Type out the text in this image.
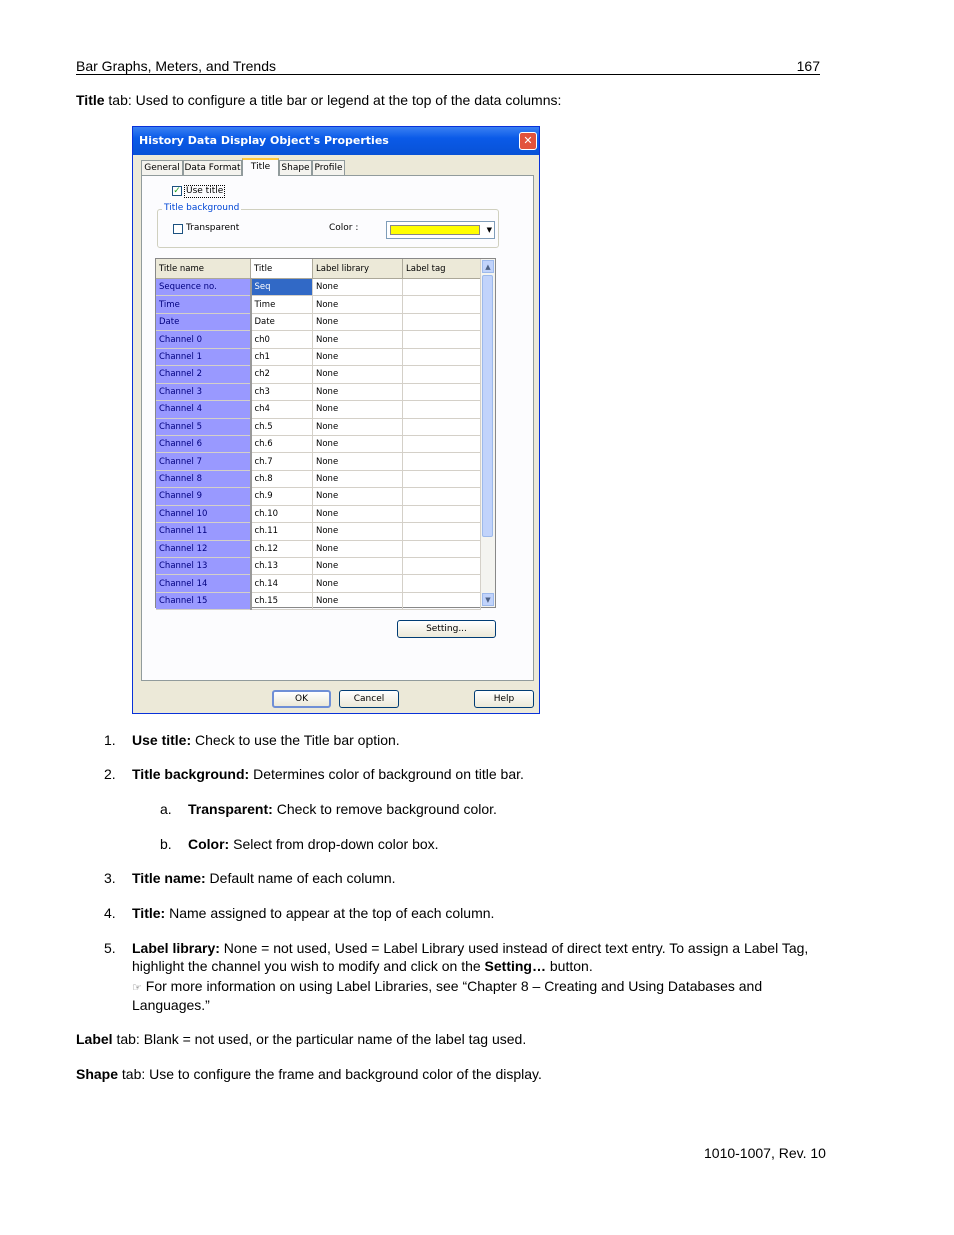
Bar Graphs, Meters, and Trends	167
Title tab: Used to configure a title bar or legend at the top of the data columns:
History Data Display Object's Properties	✕
General Data Format	Title	Shape Profile
✓ Use title
Title background
Transparent	Color :	▼
Title name	Title	Label library	Label tag
Sequence no.	Seq	None	
Time	Time	None	
Date	Date	None	
Channel 0	ch0	None	
Channel 1	ch1	None	
Channel 2	ch2	None	
Channel 3	ch3	None	
Channel 4	ch4	None	
Channel 5	ch.5	None	
Channel 6	ch.6	None	
Channel 7	ch.7	None	
Channel 8	ch.8	None	
Channel 9	ch.9	None	
Channel 10	ch.10	None	
Channel 11	ch.11	None	
Channel 12	ch.12	None	
Channel 13	ch.13	None	
Channel 14	ch.14	None	
Channel 15	ch.15	None	
▲
▼
Setting...
OK	Cancel	Help
1. Use title: Check to use the Title bar option.
2. Title background: Determines color of background on title bar.
a. Transparent: Check to remove background color.
b. Color: Select from drop-down color box.
3. Title name: Default name of each column.
4. Title: Name assigned to appear at the top of each column.
5. Label library: None = not used, Used = Label Library used instead of direct text entry. To assign a Label Tag,
highlight the channel you wish to modify and click on the Setting… button.
☞ For more information on using Label Libraries, see “Chapter 8 – Creating and Using Databases and
Languages.”
Label tab: Blank = not used, or the particular name of the label tag used.
Shape tab: Use to configure the frame and background color of the display.
1010-1007, Rev. 10
